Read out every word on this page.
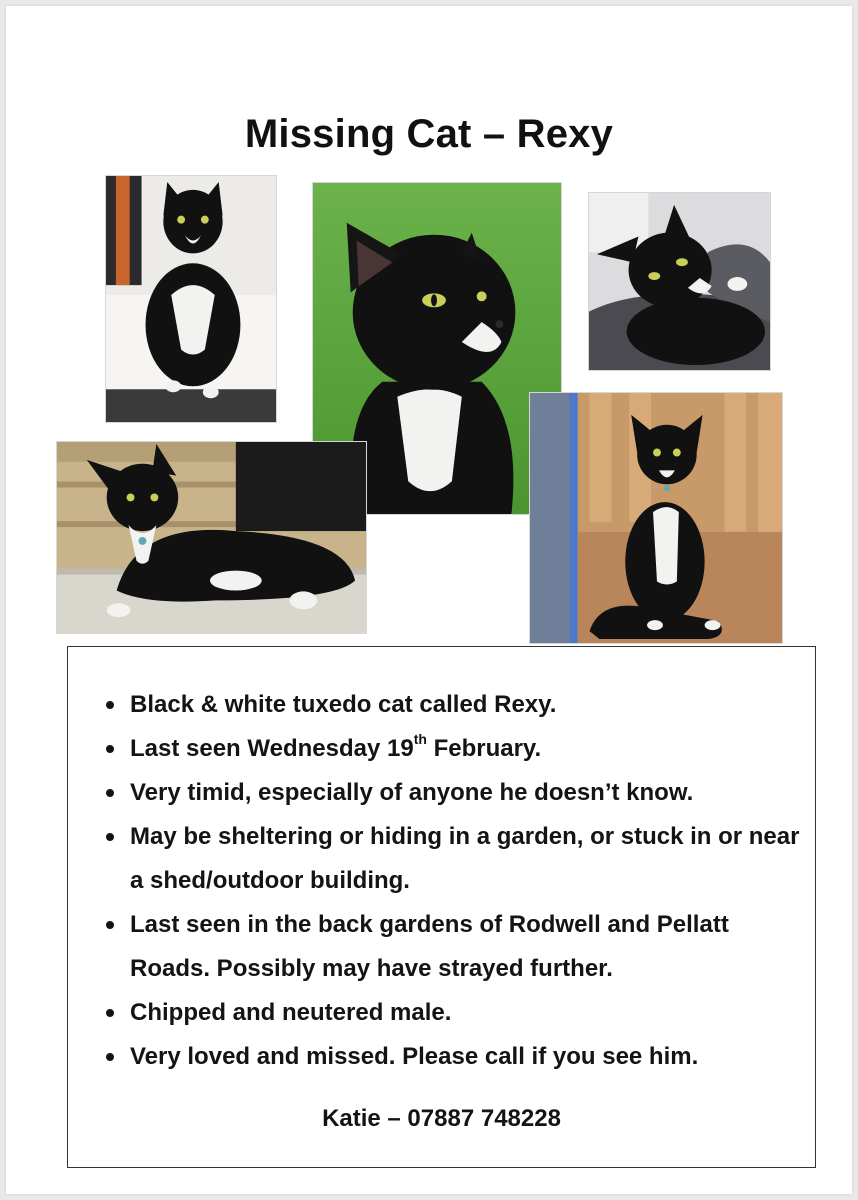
Missing Cat – Rexy
Black & white tuxedo cat called Rexy.
Last seen Wednesday 19th February.
Very timid, especially of anyone he doesn’t know.
May be sheltering or hiding in a garden, or stuck in or near a shed/outdoor building.
Last seen in the back gardens of Rodwell and Pellatt Roads. Possibly may have strayed further.
Chipped and neutered male.
Very loved and missed. Please call if you see him.
Katie – 07887 748228
